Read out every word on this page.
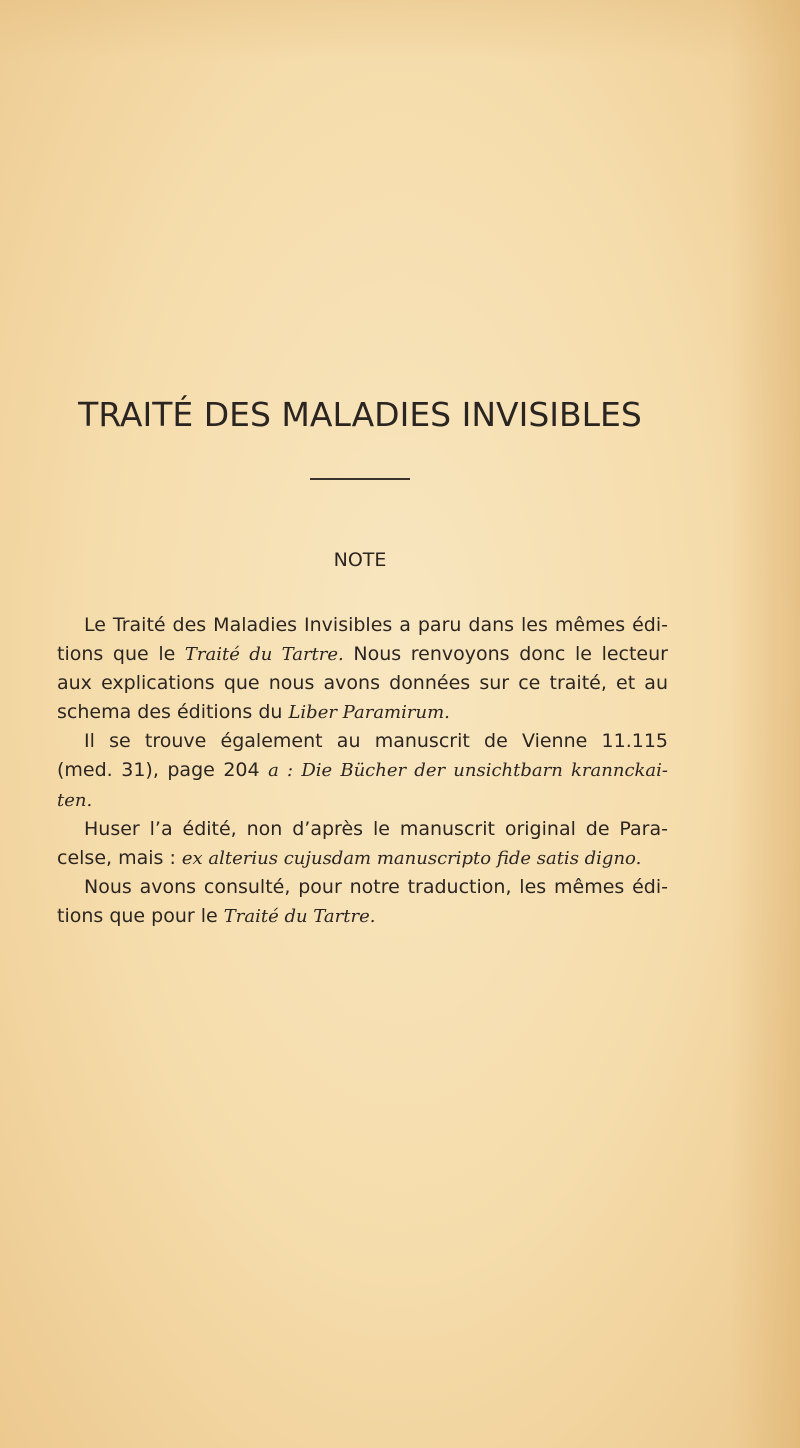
TRAITÉ DES MALADIES INVISIBLES
NOTE
Le Traité des Maladies Invisibles a paru dans les mêmes édi-
tions que le Traité du Tartre. Nous renvoyons donc le lecteur
aux explications que nous avons données sur ce traité, et au
schema des éditions du Liber Paramirum.
Il se trouve également au manuscrit de Vienne 11.115
(med. 31), page 204 a : Die Bücher der unsichtbarn krannckai-
ten.
Huser l’a édité, non d’après le manuscrit original de Para-
celse, mais : ex alterius cujusdam manuscripto fide satis digno.
Nous avons consulté, pour notre traduction, les mêmes édi-
tions que pour le Traité du Tartre.
